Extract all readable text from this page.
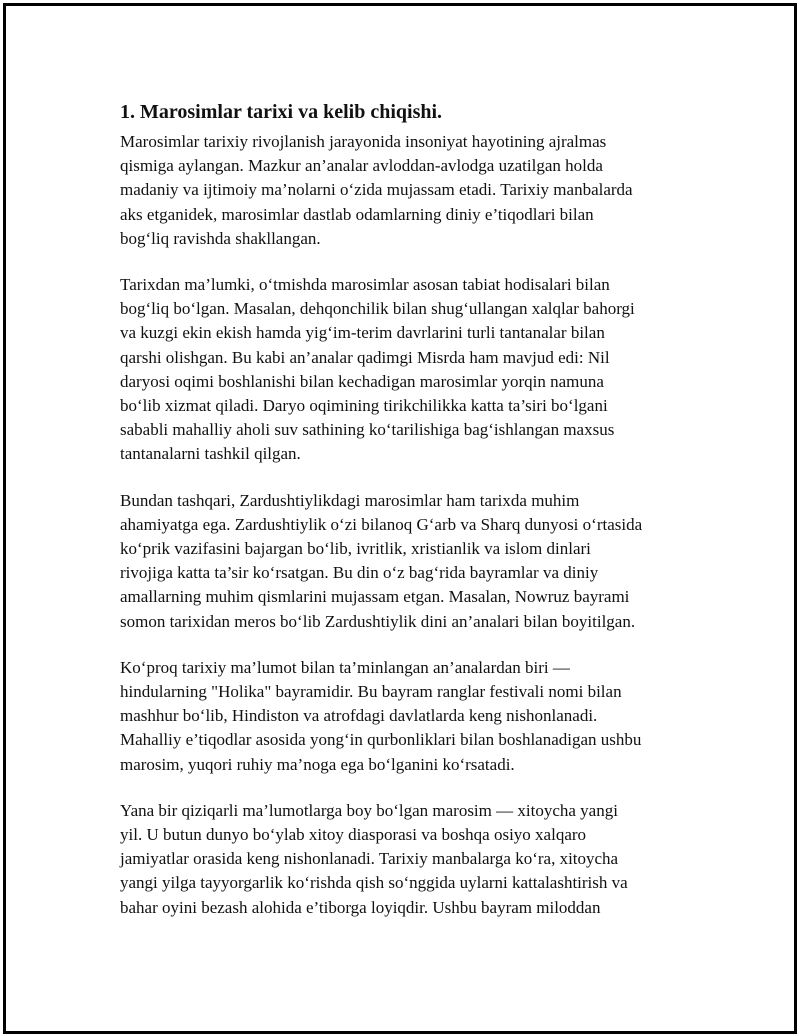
1. Marosimlar tarixi va kelib chiqishi.
Marosimlar tarixiy rivojlanish jarayonida insoniyat hayotining ajralmas
qismiga aylangan. Mazkur an’analar avloddan-avlodga uzatilgan holda
madaniy va ijtimoiy ma’nolarni o‘zida mujassam etadi. Tarixiy manbalarda
aks etganidek, marosimlar dastlab odamlarning diniy e’tiqodlari bilan
bog‘liq ravishda shakllangan.
Tarixdan ma’lumki, o‘tmishda marosimlar asosan tabiat hodisalari bilan
bog‘liq bo‘lgan. Masalan, dehqonchilik bilan shug‘ullangan xalqlar bahorgi
va kuzgi ekin ekish hamda yig‘im-terim davrlarini turli tantanalar bilan
qarshi olishgan. Bu kabi an’analar qadimgi Misrda ham mavjud edi: Nil
daryosi oqimi boshlanishi bilan kechadigan marosimlar yorqin namuna
bo‘lib xizmat qiladi. Daryo oqimining tirikchilikka katta ta’siri bo‘lgani
sababli mahalliy aholi suv sathining ko‘tarilishiga bag‘ishlangan maxsus
tantanalarni tashkil qilgan.
Bundan tashqari, Zardushtiylikdagi marosimlar ham tarixda muhim
ahamiyatga ega. Zardushtiylik o‘zi bilanoq G‘arb va Sharq dunyosi o‘rtasida
ko‘prik vazifasini bajargan bo‘lib, ivritlik, xristianlik va islom dinlari
rivojiga katta ta’sir ko‘rsatgan. Bu din o‘z bag‘rida bayramlar va diniy
amallarning muhim qismlarini mujassam etgan. Masalan, Nowruz bayrami
somon tarixidan meros bo‘lib Zardushtiylik dini an’analari bilan boyitilgan.
Ko‘proq tarixiy ma’lumot bilan ta’minlangan an’analardan biri —
hindularning "Holika" bayramidir. Bu bayram ranglar festivali nomi bilan
mashhur bo‘lib, Hindiston va atrofdagi davlatlarda keng nishonlanadi.
Mahalliy e’tiqodlar asosida yong‘in qurbonliklari bilan boshlanadigan ushbu
marosim, yuqori ruhiy ma’noga ega bo‘lganini ko‘rsatadi.
Yana bir qiziqarli ma’lumotlarga boy bo‘lgan marosim — xitoycha yangi
yil. U butun dunyo bo‘ylab xitoy diasporasi va boshqa osiyo xalqaro
jamiyatlar orasida keng nishonlanadi. Tarixiy manbalarga ko‘ra, xitoycha
yangi yilga tayyorgarlik ko‘rishda qish so‘nggida uylarni kattalashtirish va
bahar oyini bezash alohida e’tiborga loyiqdir. Ushbu bayram miloddan
